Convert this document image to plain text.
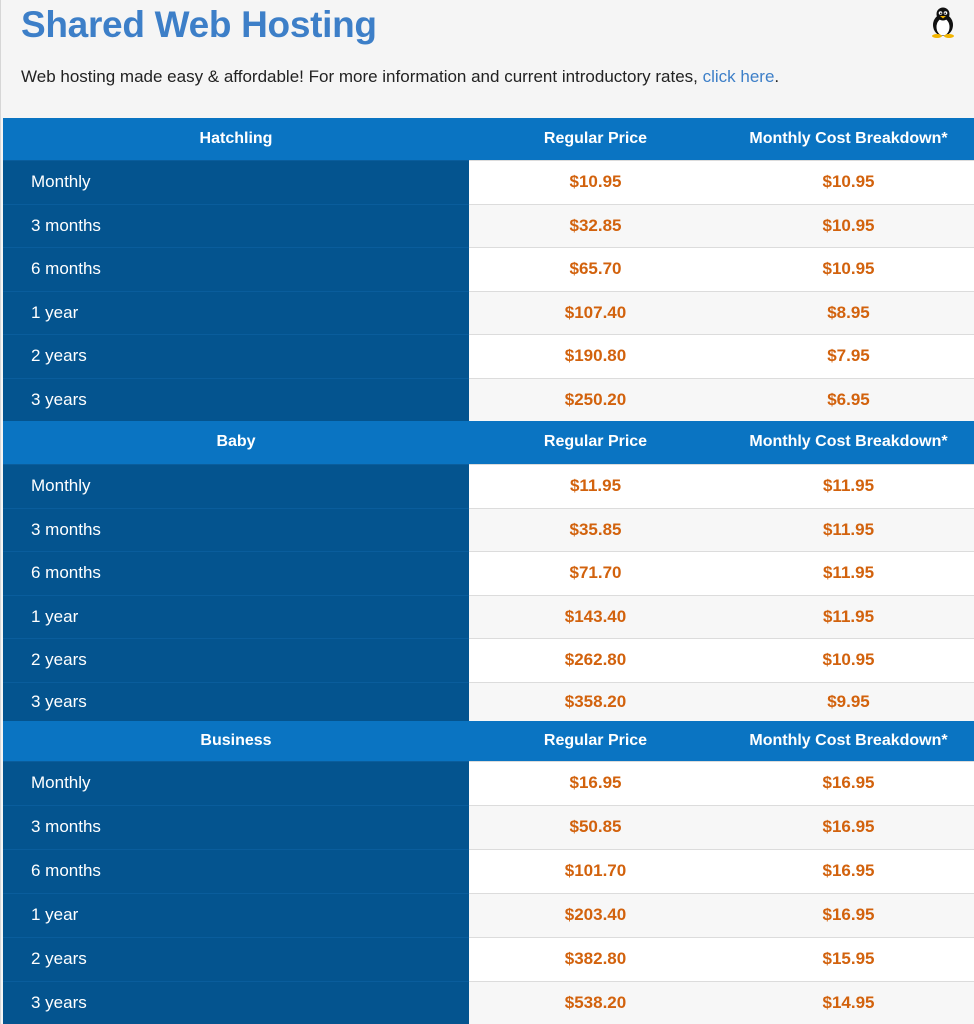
Shared Web Hosting

Web hosting made easy & affordable! For more information and current introductory rates, click here.

Hatchling	Regular Price	Monthly Cost Breakdown*
Monthly	$10.95	$10.95
3 months	$32.85	$10.95
6 months	$65.70	$10.95
1 year	$107.40	$8.95
2 years	$190.80	$7.95
3 years	$250.20	$6.95
Baby	Regular Price	Monthly Cost Breakdown*
Monthly	$11.95	$11.95
3 months	$35.85	$11.95
6 months	$71.70	$11.95
1 year	$143.40	$11.95
2 years	$262.80	$10.95
3 years	$358.20	$9.95
Business	Regular Price	Monthly Cost Breakdown*
Monthly	$16.95	$16.95
3 months	$50.85	$16.95
6 months	$101.70	$16.95
1 year	$203.40	$16.95
2 years	$382.80	$15.95
3 years	$538.20	$14.95
